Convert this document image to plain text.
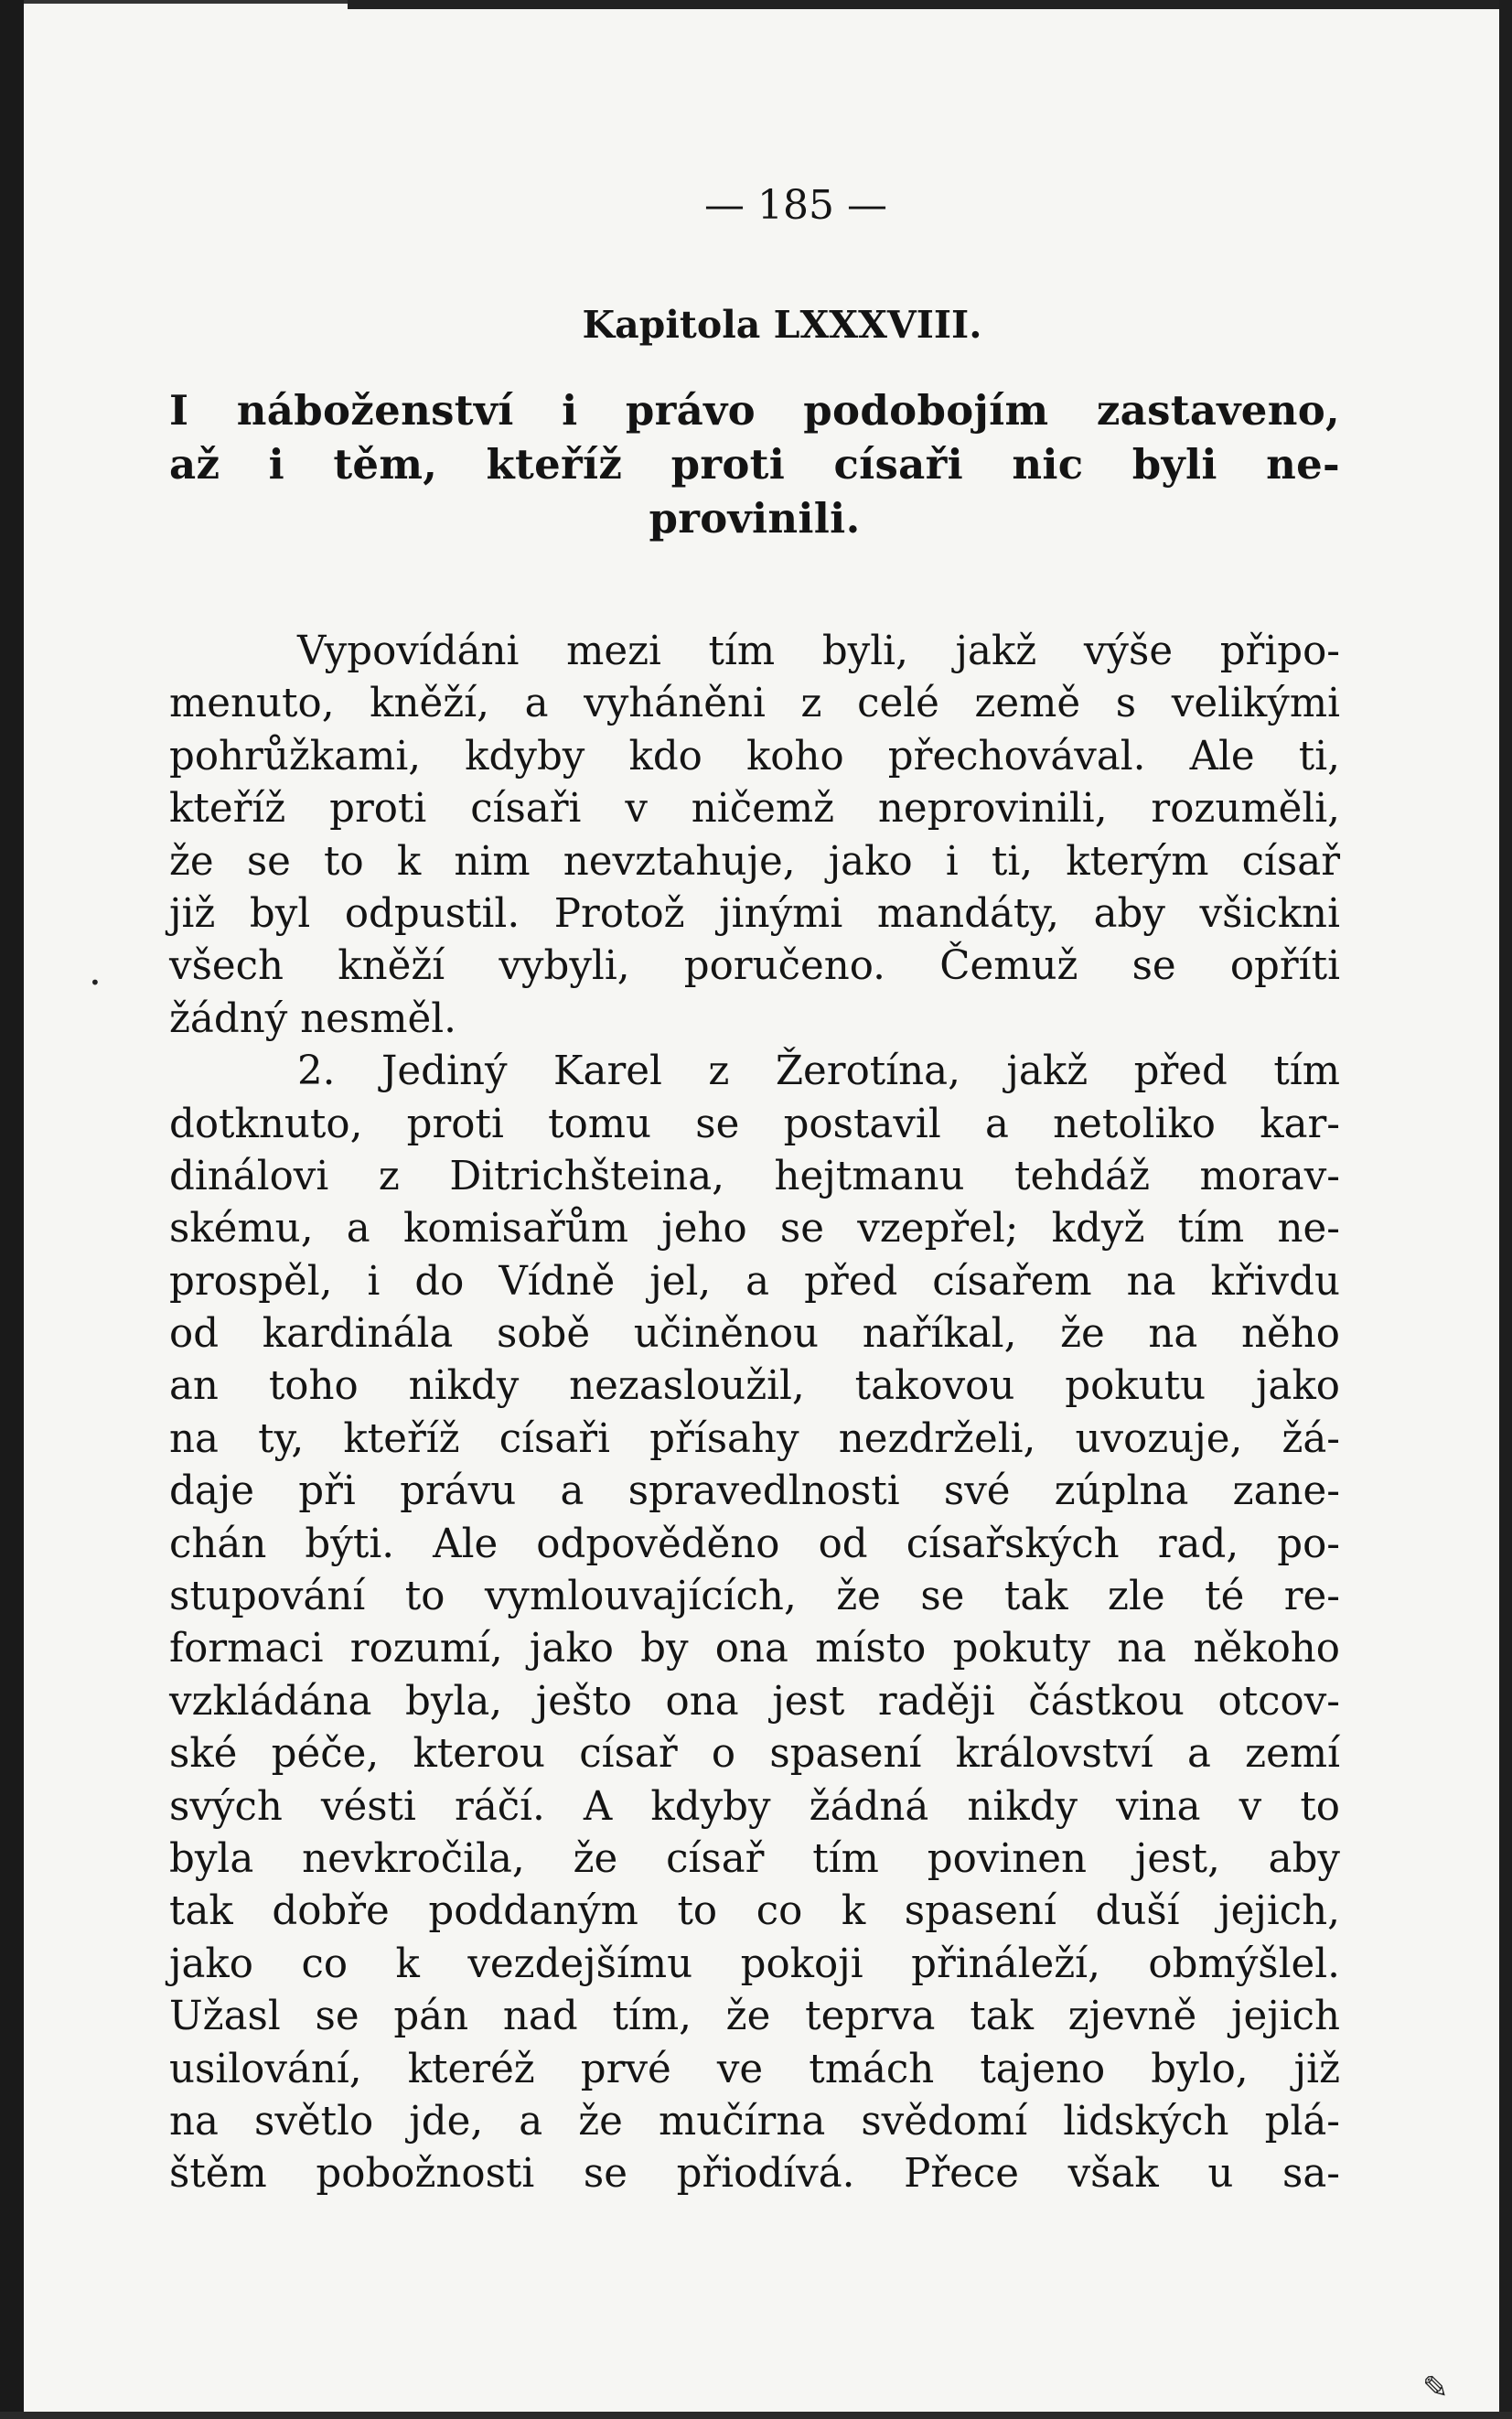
•
✎
— 185 —
Kapitola LXXXVIII.
I náboženství i právo podobojím zastaveno,
až i těm, kteříž proti císaři nic byli ne-
provinili.
Vypovídáni mezi tím byli, jakž výše připo-
menuto, kněží, a vyháněni z celé země s velikými
pohrůžkami, kdyby kdo koho přechovával. Ale ti,
kteříž proti císaři v ničemž neprovinili, rozuměli,
že se to k nim nevztahuje, jako i ti, kterým císař
již byl odpustil. Protož jinými mandáty, aby všickni
všech kněží vybyli, poručeno. Čemuž se opříti
žádný nesměl.
2. Jediný Karel z Žerotína, jakž před tím
dotknuto, proti tomu se postavil a netoliko kar-
dinálovi z Ditrichšteina, hejtmanu tehdáž morav-
skému, a komisařům jeho se vzepřel; když tím ne-
prospěl, i do Vídně jel, a před císařem na křivdu
od kardinála sobě učiněnou naříkal, že na něho
an toho nikdy nezasloužil, takovou pokutu jako
na ty, kteříž císaři přísahy nezdrželi, uvozuje, žá-
daje při právu a spravedlnosti své zúplna zane-
chán býti. Ale odpověděno od císařských rad, po-
stupování to vymlouvajících, že se tak zle té re-
formaci rozumí, jako by ona místo pokuty na někoho
vzkládána byla, ješto ona jest raději částkou otcov-
ské péče, kterou císař o spasení království a zemí
svých vésti ráčí. A kdyby žádná nikdy vina v to
byla nevkročila, že císař tím povinen jest, aby
tak dobře poddaným to co k spasení duší jejich,
jako co k vezdejšímu pokoji přináleží, obmýšlel.
Užasl se pán nad tím, že teprva tak zjevně jejich
usilování, kteréž prvé ve tmách tajeno bylo, již
na světlo jde, a že mučírna svědomí lidských plá-
štěm pobožnosti se přiodívá. Přece však u sa-
